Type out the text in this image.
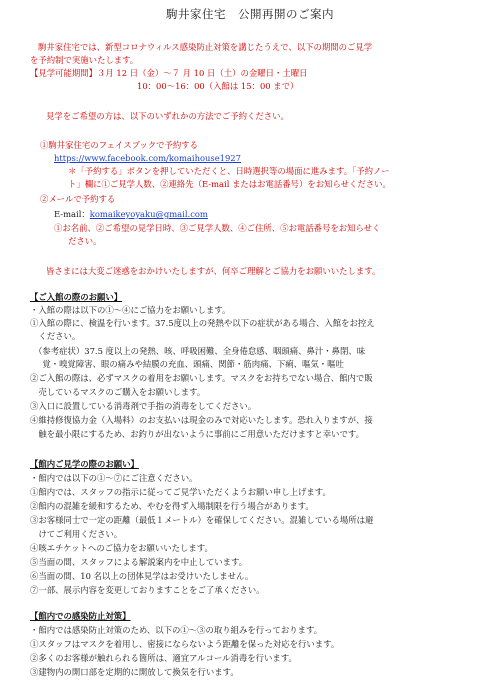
駒井家住宅　公開再開のご案内
駒井家住宅では、新型コロナウィルス感染防止対策を講じたうえで、以下の期間のご見学
を予約制で実施いたします。
【見学可能期間】３月 12 日（金）〜７ 月 10 日（土）の金曜日・土曜日
10：00〜16：00（入館は 15：00 まで）
見学をご希望の方は、以下のいずれかの方法でご予約ください。
①駒井家住宅のフェイスブックで予約する
https://www.facebook.com/komaihouse1927
＊「予約する」ボタンを押していただくと、日時選択等の場面に進みます。「予約ノー
ト」欄に①ご見学人数、②連絡先（E-mail またはお電話番号）をお知らせください。
②メールで予約する
E-mail：komaikeyoyaku@gmail.com
①お名前、②ご希望の見学日時、③ご見学人数、④ご住所、⑤お電話番号をお知らせく
ださい。
皆さまには大変ご迷惑をおかけいたしますが、何卒ご理解とご協力をお願いいたします。
【ご入館の際のお願い】
・入館の際は以下の①〜④にご協力をお願いします。
①入館の際に、検温を行います。37.5度以上の発熱や以下の症状がある場合、入館をお控え
　ください。
（参考症状）37.5 度以上の発熱、咳、呼吸困難、全身倦怠感、咽頭痛、鼻汁・鼻閉、味
　覚・嗅覚障害、眼の痛みや結膜の充血、頭痛、関節・筋肉痛、下痢、嘔気・嘔吐
②ご入館の際は、必ずマスクの着用をお願いします。マスクをお持ちでない場合、館内で販
　売しているマスクのご購入をお願いします。
③入口に設置している消毒剤で手指の消毒をしてください。
④維持修復協力金（入場料）のお支払いは現金のみで対応いたします。恐れ入りますが、接
　触を最小限にするため、お釣りが出ないように事前にご用意いただけますと幸いです。
【館内ご見学の際のお願い】
・館内では以下の①〜⑦にご注意ください。
①館内では、スタッフの指示に従ってご見学いただくようお願い申し上げます。
②館内の混雑を緩和するため、やむを得ず入場制限を行う場合があります。
③お客様同士で一定の距離（最低１メートル）を確保してください。混雑している場所は避
　けてご利用ください。
④咳エチケットへのご協力をお願いいたします。
⑤当面の間、スタッフによる解説案内を中止しています。
⑥当面の間、10 名以上の団体見学はお受けいたしません。
⑦一部、展示内容を変更しておりますことをご了承ください。
【館内での感染防止対策】
・館内では感染防止対策のため、以下の①〜③の取り組みを行っております。
①スタッフはマスクを着用し、密接にならないよう距離を保った対応を行います。
②多くのお客様が触れられる箇所は、適宜アルコール消毒を行います。
③建物内の開口部を定期的に開放して換気を行います。
